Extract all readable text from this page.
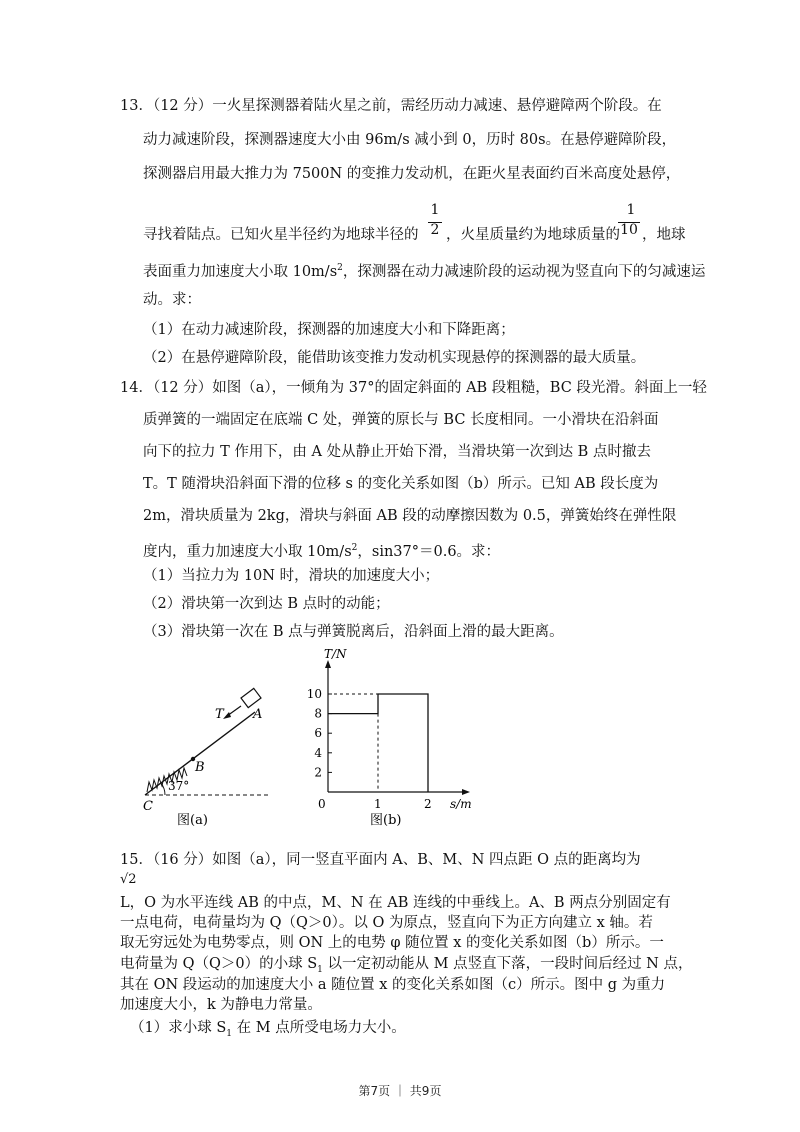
13．（12 分）一火星探测器着陆火星之前，需经历动力减速、悬停避障两个阶段。在
动力减速阶段，探测器速度大小由 96m/s 减小到 0，历时 80s。在悬停避障阶段，
探测器启用最大推力为 7500N 的变推力发动机，在距火星表面约百米高度处悬停，
寻找着陆点。已知火星半径约为地球半径的
1
2 ，火星质量约为地球质量的
1
10 ，地球
表面重力加速度大小取 $10m/s^2$，探测器在动力减速阶段的运动视为竖直向下的匀减速运
动。求：
（1）在动力减速阶段，探测器的加速度大小和下降距离；
（2）在悬停避障阶段，能借助该变推力发动机实现悬停的探测器的最大质量。
14．（12 分）如图（a），一倾角为 37°的固定斜面的 AB 段粗糙，BC 段光滑。斜面上一轻
质弹簧的一端固定在底端 C 处，弹簧的原长与 BC 长度相同。一小滑块在沿斜面
向下的拉力 T 作用下，由 A 处从静止开始下滑，当滑块第一次到达 B 点时撤去
T。T 随滑块沿斜面下滑的位移 s 的变化关系如图（b）所示。已知 AB 段长度为
2m，滑块质量为 2kg，滑块与斜面 AB 段的动摩擦因数为 0.5，弹簧始终在弹性限
度内，重力加速度大小取 $10m/s^2$，sin37°＝0.6。求：
（1）当拉力为 10N 时，滑块的加速度大小；
（2）滑块第一次到达 B 点时的动能；
（3）滑块第一次在 B 点与弹簧脱离后，沿斜面上滑的最大距离。
T A
B
C
37°
图(a)	图(b)
s/m
T/N
2
4
6
8
10
0	1	2
15．（16 分）如图（a），同一竖直平面内 A、B、M、N 四点距 O 点的距离均为
√2
L，O 为水平连线 AB 的中点，M、N 在 AB 连线的中垂线上。A、B 两点分别固定有
一点电荷，电荷量均为 Q（Q＞0）。以 O 为原点，竖直向下为正方向建立 x 轴。若
取无穷远处为电势零点，则 ON 上的电势 φ 随位置 x 的变化关系如图（b）所示。一
电荷量为 Q（Q＞0）的小球 $S_1$ 以一定初动能从 M 点竖直下落，一段时间后经过 N 点，
其在 ON 段运动的加速度大小 a 随位置 x 的变化关系如图（c）所示。图中 g 为重力
加速度大小，k 为静电力常量。
（1）求小球 $S_1$ 在 M 点所受电场力大小。
第7页 ｜ 共9页
